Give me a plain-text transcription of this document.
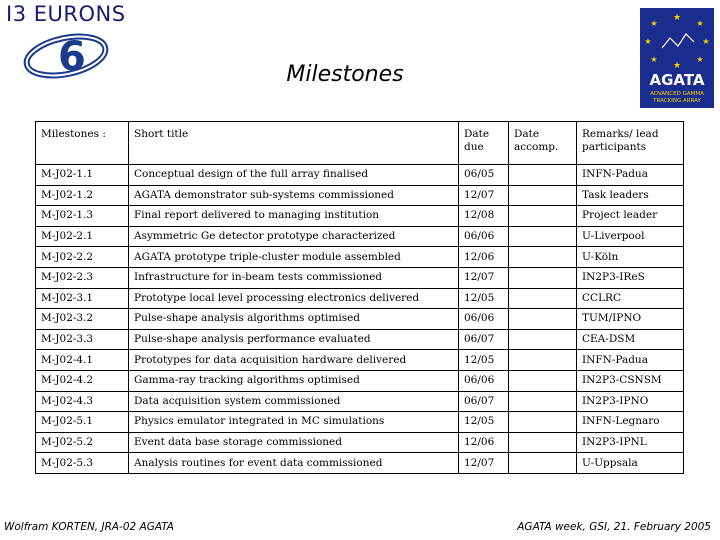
I3 EURONS
6	Milestones
★
★	★
★	★
★	★
★
AGATA
ADVANCED GAMMA
TRACKING ARRAY
Milestones :	Short title	Date due	Date accomp.	Remarks/ lead participants
M-J02-1.1	Conceptual design of the full array finalised	06/05		INFN-Padua
M-J02-1.2	AGATA demonstrator sub-systems commissioned	12/07		Task leaders
M-J02-1.3	Final report delivered to managing institution	12/08		Project leader
M-J02-2.1	Asymmetric Ge detector prototype characterized	06/06		U-Liverpool
M-J02-2.2	AGATA prototype triple-cluster module assembled	12/06		U-Köln
M-J02-2.3	Infrastructure for in-beam tests commissioned	12/07		IN2P3-IReS
M-J02-3.1	Prototype local level processing electronics delivered	12/05		CCLRC
M-J02-3.2	Pulse-shape analysis algorithms optimised	06/06		TUM/IPNO
M-J02-3.3	Pulse-shape analysis performance evaluated	06/07		CEA-DSM
M-J02-4.1	Prototypes for data acquisition hardware delivered	12/05		INFN-Padua
M-J02-4.2	Gamma-ray tracking algorithms optimised	06/06		IN2P3-CSNSM
M-J02-4.3	Data acquisition system commissioned	06/07		IN2P3-IPNO
M-J02-5.1	Physics emulator integrated in MC simulations	12/05		INFN-Legnaro
M-J02-5.2	Event data base storage commissioned	12/06		IN2P3-IPNL
M-J02-5.3	Analysis routines for event data commissioned	12/07		U-Uppsala
Wolfram KORTEN, JRA-02 AGATA	AGATA week, GSI, 21. February 2005
